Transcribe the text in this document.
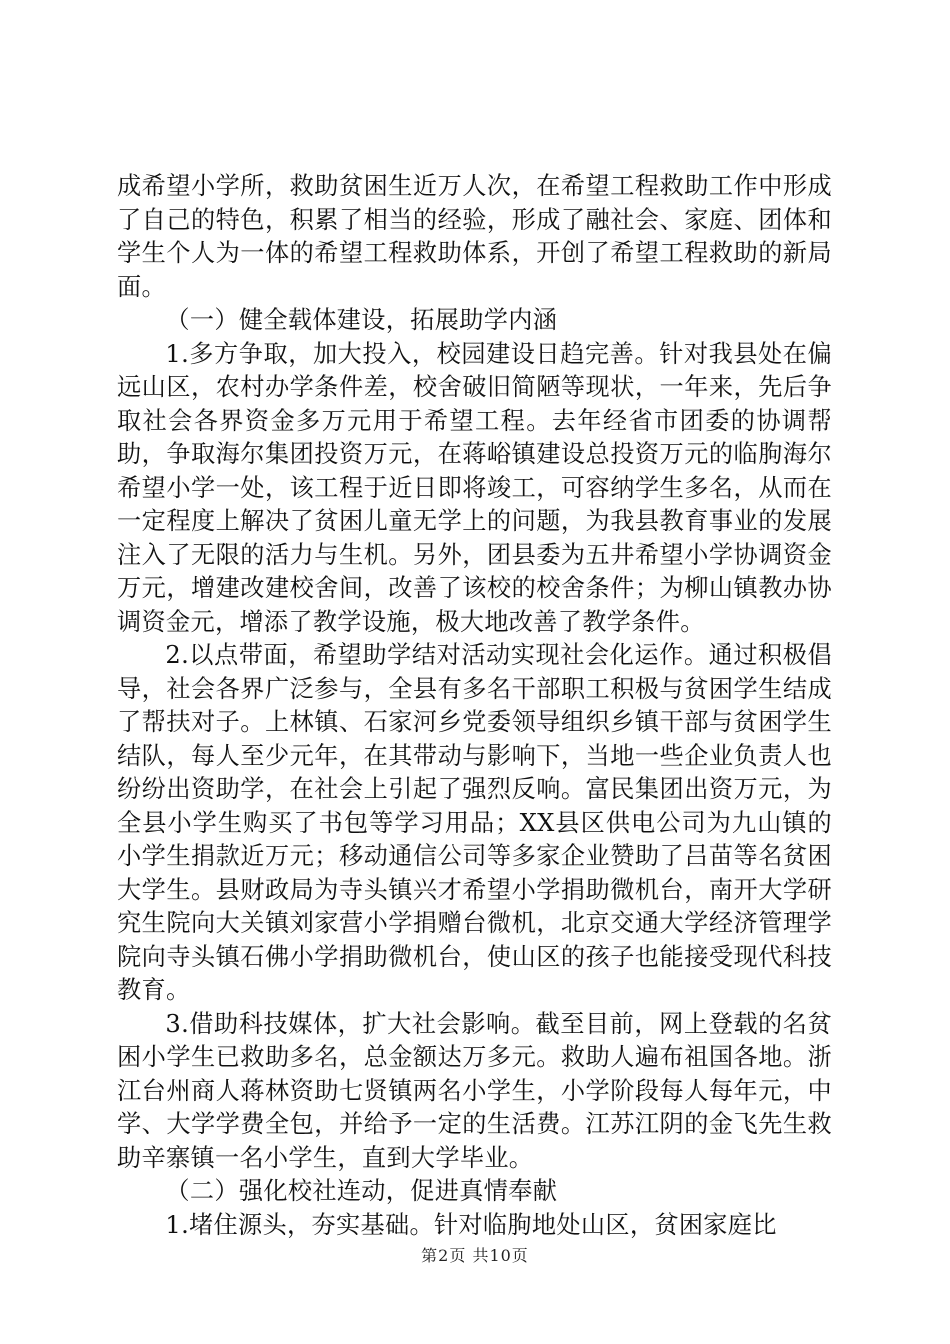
成希望小学所，救助贫困生近万人次，在希望工程救助工作中形成了自己的特色，积累了相当的经验，形成了融社会、家庭、团体和学生个人为一体的希望工程救助体系，开创了希望工程救助的新局面。

（一）健全载体建设，拓展助学内涵

1.多方争取，加大投入，校园建设日趋完善。针对我县处在偏远山区，农村办学条件差，校舍破旧简陋等现状，一年来，先后争取社会各界资金多万元用于希望工程。去年经省市团委的协调帮助，争取海尔集团投资万元，在蒋峪镇建设总投资万元的临朐海尔希望小学一处，该工程于近日即将竣工，可容纳学生多名，从而在一定程度上解决了贫困儿童无学上的问题，为我县教育事业的发展注入了无限的活力与生机。另外，团县委为五井希望小学协调资金万元，增建改建校舍间，改善了该校的校舍条件；为柳山镇教办协调资金元，增添了教学设施，极大地改善了教学条件。

2.以点带面，希望助学结对活动实现社会化运作。通过积极倡导，社会各界广泛参与，全县有多名干部职工积极与贫困学生结成了帮扶对子。上林镇、石家河乡党委领导组织乡镇干部与贫困学生结队，每人至少元年，在其带动与影响下，当地一些企业负责人也纷纷出资助学，在社会上引起了强烈反响。富民集团出资万元，为全县小学生购买了书包等学习用品；XX县区供电公司为九山镇的小学生捐款近万元；移动通信公司等多家企业赞助了吕苗等名贫困大学生。县财政局为寺头镇兴才希望小学捐助微机台，南开大学研究生院向大关镇刘家营小学捐赠台微机，北京交通大学经济管理学院向寺头镇石佛小学捐助微机台，使山区的孩子也能接受现代科技教育。

3.借助科技媒体，扩大社会影响。截至目前，网上登载的名贫困小学生已救助多名，总金额达万多元。救助人遍布祖国各地。浙江台州商人蒋林资助七贤镇两名小学生，小学阶段每人每年元，中学、大学学费全包，并给予一定的生活费。江苏江阴的金飞先生救助辛寨镇一名小学生，直到大学毕业。

（二）强化校社连动，促进真情奉献

1.堵住源头，夯实基础。针对临朐地处山区，贫困家庭比

第2页 共10页
